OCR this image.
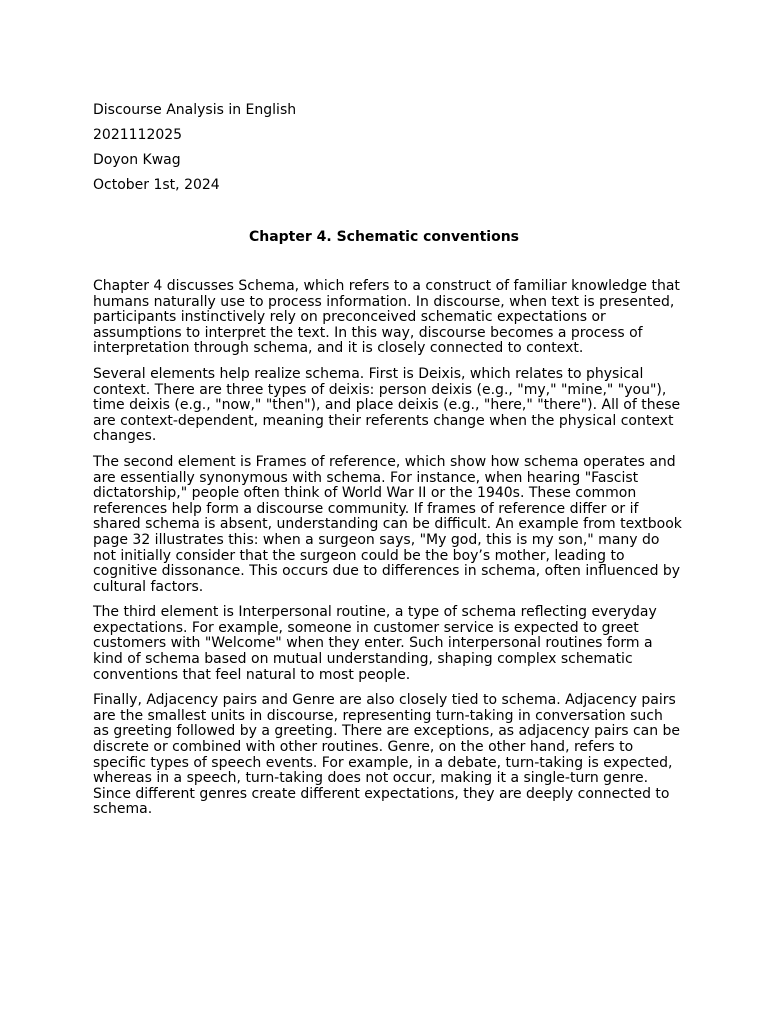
Discourse Analysis in English

2021112025

Doyon Kwag

October 1st, 2024

Chapter 4. Schematic conventions

Chapter 4 discusses Schema, which refers to a construct of familiar knowledge that humans naturally use to process information. In discourse, when text is presented, participants instinctively rely on preconceived schematic expectations or assumptions to interpret the text. In this way, discourse becomes a process of interpretation through schema, and it is closely connected to context.

Several elements help realize schema. First is Deixis, which relates to physical context. There are three types of deixis: person deixis (e.g., "my," "mine," "you"), time deixis (e.g., "now," "then"), and place deixis (e.g., "here," "there"). All of these are context-dependent, meaning their referents change when the physical context changes.

The second element is Frames of reference, which show how schema operates and are essentially synonymous with schema. For instance, when hearing "Fascist dictatorship," people often think of World War II or the 1940s. These common references help form a discourse community. If frames of reference differ or if shared schema is absent, understanding can be difficult. An example from textbook page 32 illustrates this: when a surgeon says, "My god, this is my son," many do not initially consider that the surgeon could be the boy’s mother, leading to cognitive dissonance. This occurs due to differences in schema, often influenced by cultural factors.

The third element is Interpersonal routine, a type of schema reflecting everyday expectations. For example, someone in customer service is expected to greet customers with "Welcome" when they enter. Such interpersonal routines form a kind of schema based on mutual understanding, shaping complex schematic conventions that feel natural to most people.

Finally, Adjacency pairs and Genre are also closely tied to schema. Adjacency pairs are the smallest units in discourse, representing turn-taking in conversation such as greeting followed by a greeting. There are exceptions, as adjacency pairs can be discrete or combined with other routines. Genre, on the other hand, refers to specific types of speech events. For example, in a debate, turn-taking is expected, whereas in a speech, turn-taking does not occur, making it a single-turn genre. Since different genres create different expectations, they are deeply connected to schema.
